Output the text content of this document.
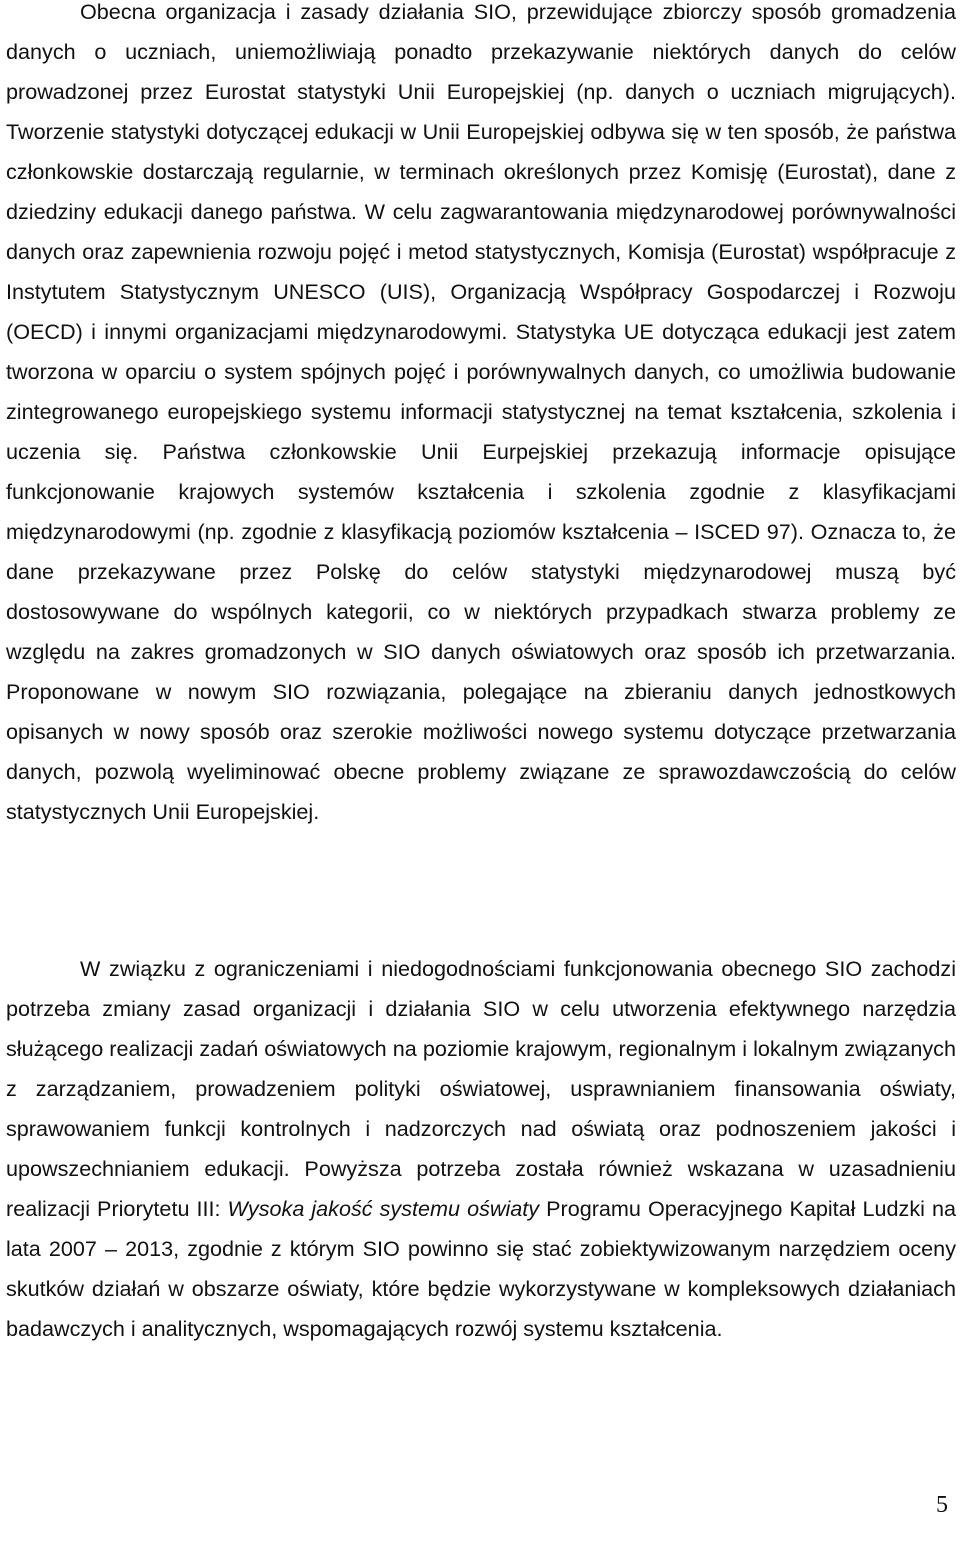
Obecna organizacja i zasady działania SIO, przewidujące zbiorczy sposób gromadzenia danych o uczniach, uniemożliwiają ponadto przekazywanie niektórych danych do celów prowadzonej przez Eurostat statystyki Unii Europejskiej (np. danych o uczniach migrujących). Tworzenie statystyki dotyczącej edukacji w Unii Europejskiej odbywa się w ten sposób, że państwa członkowskie dostarczają regularnie, w terminach określonych przez Komisję (Eurostat), dane z dziedziny edukacji danego państwa. W celu zagwarantowania międzynarodowej porównywalności danych oraz zapewnienia rozwoju pojęć i metod statystycznych, Komisja (Eurostat) współpracuje z Instytutem Statystycznym UNESCO (UIS), Organizacją Współpracy Gospodarczej i Rozwoju (OECD) i innymi organizacjami międzynarodowymi. Statystyka UE dotycząca edukacji jest zatem tworzona w oparciu o system spójnych pojęć i porównywalnych danych, co umożliwia budowanie zintegrowanego europejskiego systemu informacji statystycznej na temat kształcenia, szkolenia i uczenia się. Państwa członkowskie Unii Eurpejskiej przekazują informacje opisujące funkcjonowanie krajowych systemów kształcenia i szkolenia zgodnie z klasyfikacjami międzynarodowymi (np. zgodnie z klasyfikacją poziomów kształcenia – ISCED 97). Oznacza to, że dane przekazywane przez Polskę do celów statystyki międzynarodowej muszą być dostosowywane do wspólnych kategorii, co w niektórych przypadkach stwarza problemy ze względu na zakres gromadzonych w SIO danych oświatowych oraz sposób ich przetwarzania. Proponowane w nowym SIO rozwiązania, polegające na zbieraniu danych jednostkowych opisanych w nowy sposób oraz szerokie możliwości nowego systemu dotyczące przetwarzania danych, pozwolą wyeliminować obecne problemy związane ze sprawozdawczością do celów statystycznych Unii Europejskiej.

W związku z ograniczeniami i niedogodnościami funkcjonowania obecnego SIO zachodzi potrzeba zmiany zasad organizacji i działania SIO w celu utworzenia efektywnego narzędzia służącego realizacji zadań oświatowych na poziomie krajowym, regionalnym i lokalnym związanych z zarządzaniem, prowadzeniem polityki oświatowej, usprawnianiem finansowania oświaty, sprawowaniem funkcji kontrolnych i nadzorczych nad oświatą oraz podnoszeniem jakości i upowszechnianiem edukacji. Powyższa potrzeba została również wskazana w uzasadnieniu realizacji Priorytetu III: Wysoka jakość systemu oświaty Programu Operacyjnego Kapitał Ludzki na lata 2007 – 2013, zgodnie z którym SIO powinno się stać zobiektywizowanym narzędziem oceny skutków działań w obszarze oświaty, które będzie wykorzystywane w kompleksowych działaniach badawczych i analitycznych, wspomagających rozwój systemu kształcenia.

5
